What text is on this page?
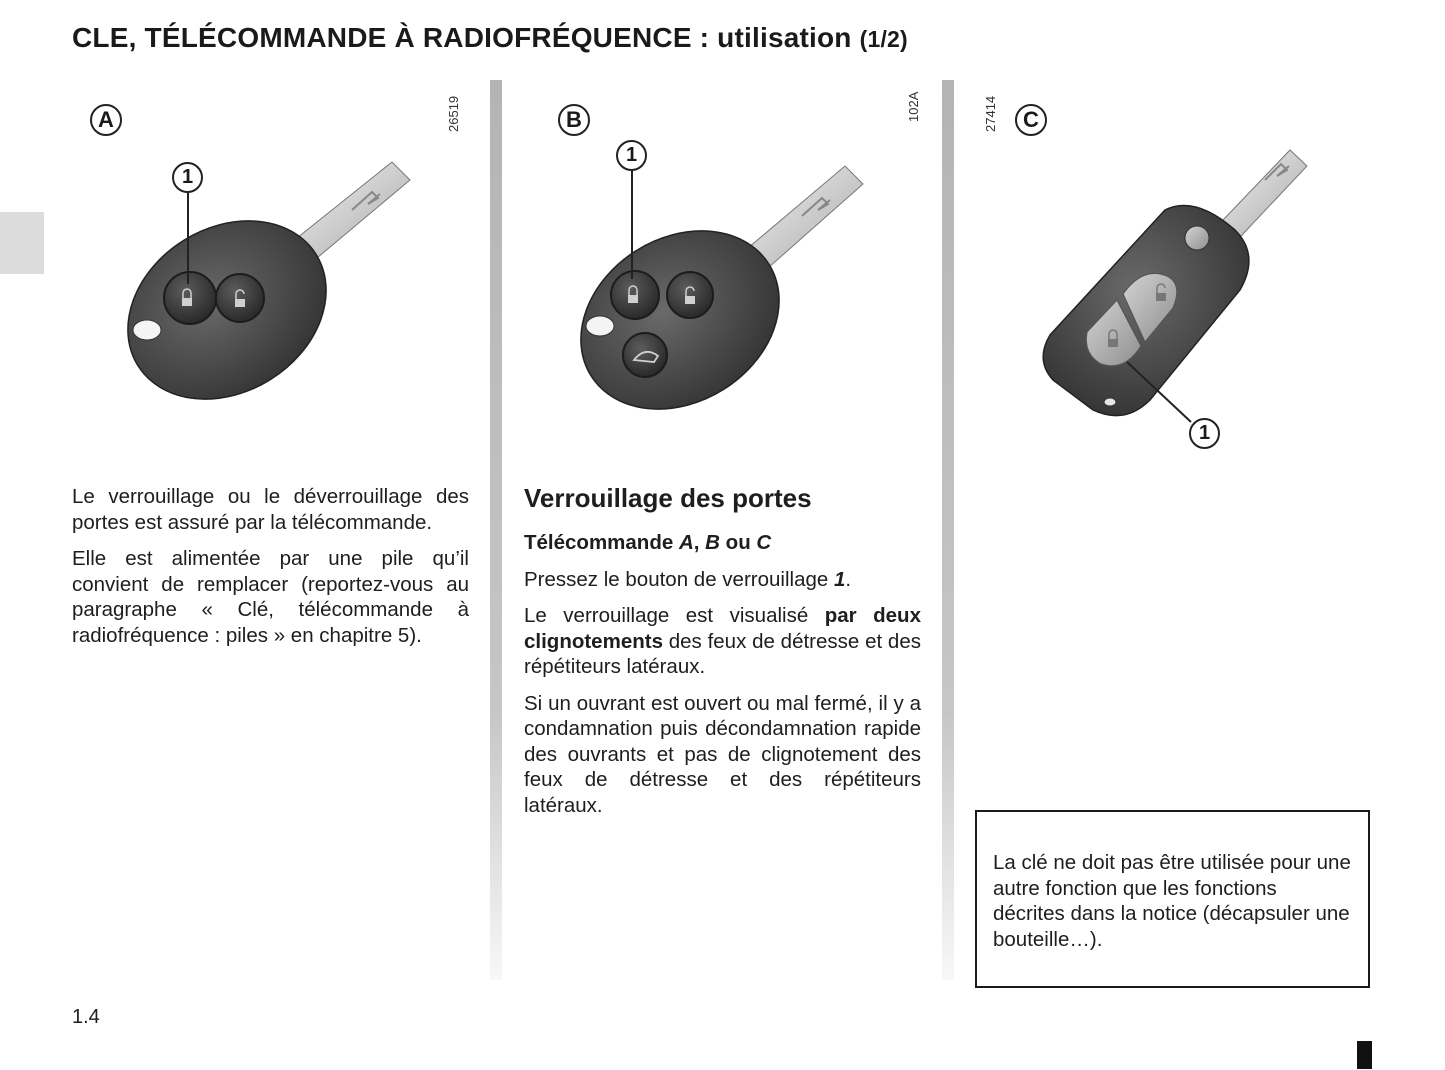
CLE, TÉLÉCOMMANDE À RADIOFRÉQUENCE : utilisation (1/2)
A
1
26519	B
1
102A	C
1
27414

Le verrouillage ou le déverrouillage des portes est assuré par la télécommande.

Elle est alimentée par une pile qu’il convient de remplacer (reportez-vous au paragraphe « Clé, télécommande à radiofréquence : piles » en chapitre 5).

Verrouillage des portes

Télécommande A, B ou C

Pressez le bouton de verrouillage 1.

Le verrouillage est visualisé par deux clignotements des feux de détresse et des répétiteurs latéraux.

Si un ouvrant est ouvert ou mal fermé, il y a condamnation puis décondamnation rapide des ouvrants et pas de clignotement des feux de détresse et des répétiteurs latéraux.

La clé ne doit pas être utilisée pour une autre fonction que les fonctions décrites dans la notice (décapsuler une bouteille…).
1.4
